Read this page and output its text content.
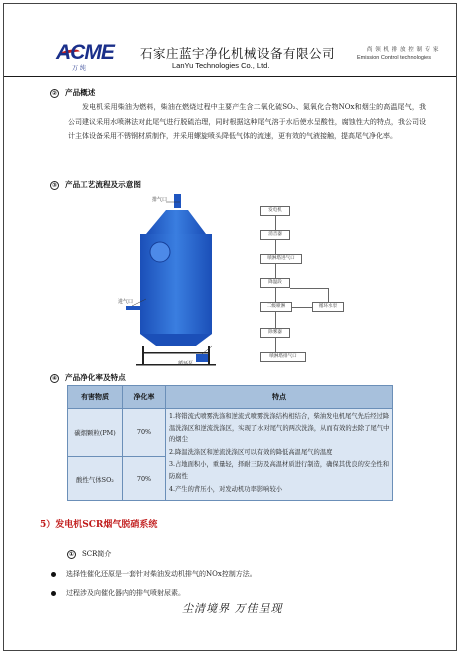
ACME
万 纯
石家庄蓝宇净化机械设备有限公司
LanYu Technologies Co., Ltd.
尚 领 机 排 放 控 制 专 家
Emission Control technologies
② 产品概述
发电机采用柴油为燃料，柴油在燃烧过程中主要产生含二氧化硫SO₂、氮氧化合物NOx和烟尘的高温尾气，我公司建议采用水喷淋法对此尾气进行脱硫治理，同时根据这种尾气溶于水后使水呈酸性，腐蚀性大的特点，我公司设计主体设备采用不锈钢材质制作，并采用螺旋喷头降低气体的流速，更有效的气液接触，提高尾气净化率。
③ 产品工艺流程及示意图
排气口
进气口
循环泵
发电机
消音器
喷淋塔进气口
降温段
二级喷淋	循环水泵
除雾器
喷淋塔排气口
④ 产品净化率及特点
有害物质	净化率	特点
碳烟颗粒(PM)	70%
酸性气体SO₂	70%
1.将错流式喷雾洗涤和逆流式喷雾洗涤结构相结合，柴油发电机尾气先后经过降温洗涤区和逆流洗涤区，实现了水对尾气的两次洗涤，从而有效的去除了尾气中的烟尘
2.降温洗涤区和逆流洗涤区可以有效的降低高温尾气的温度
3.占地面积小，重量轻，择耐三防及高温材质进行制造，确保其优良的安全性和防腐性
4.产生的背压小，对发动机功率影响较小
5）发电机SCR烟气脱硝系统
① SCR简介
选择性催化还原是一套针对柴油发动机排气的NOx控制方法。
过程涉及向催化器内的排气喷射尿素。
尘清境界 万佳呈现
